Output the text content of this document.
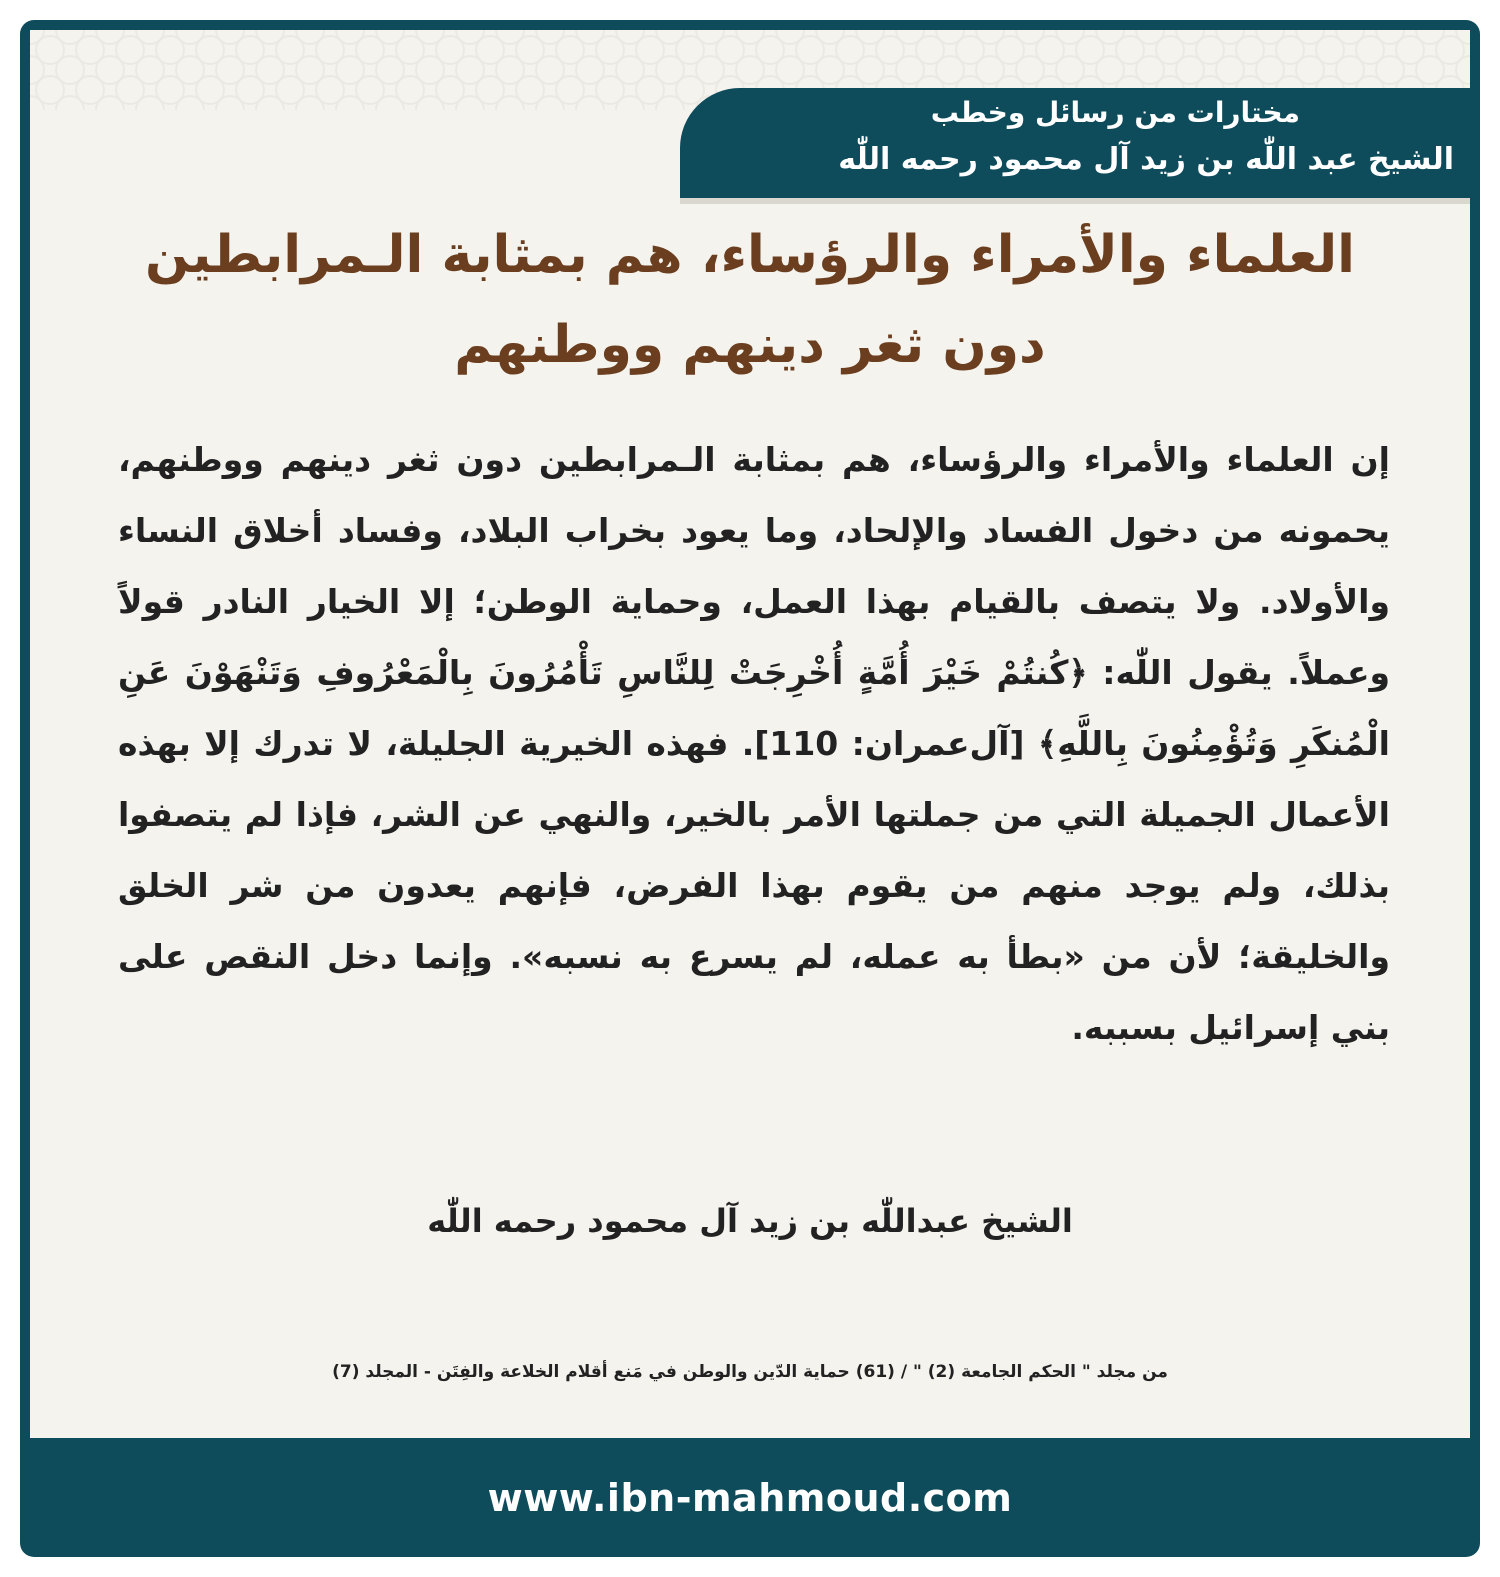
مختارات من رسائل وخطب
الشيخ عبد اللّٰه بن زيد آل محمود رحمه اللّٰه
العلماء والأمراء والرؤساء، هم بمثابة الـمرابطين
دون ثغر دينهم ووطنهم
إن العلماء والأمراء والرؤساء، هم بمثابة الـمرابطين دون ثغر دينهم ووطنهم، يحمونه من دخول الفساد والإلحاد، وما يعود بخراب البلاد، وفساد أخلاق النساء والأولاد. ولا يتصف بالقيام بهذا العمل، وحماية الوطن؛ إلا الخيار النادر قولاً وعملاً. يقول اللّٰه: ﴿كُنتُمْ خَيْرَ أُمَّةٍ أُخْرِجَتْ لِلنَّاسِ تَأْمُرُونَ بِالْمَعْرُوفِ وَتَنْهَوْنَ عَنِ الْمُنكَرِ وَتُؤْمِنُونَ بِاللَّهِ﴾ [آل‌عمران: 110]. فهذه الخيرية الجليلة، لا تدرك إلا بهذه الأعمال الجميلة التي من جملتها الأمر بالخير، والنهي عن الشر، فإذا لم يتصفوا بذلك، ولم يوجد منهم من يقوم بهذا الفرض، فإنهم يعدون من شر الخلق والخليقة؛ لأن من «بطأ به عمله، لم يسرع به نسبه». وإنما دخل النقص على بني إسرائيل بسببه.
الشيخ عبداللّٰه بن زيد آل محمود رحمه اللّٰه
من مجلد " الحكم الجامعة (2) " / (61) حماية الدّين والوطن في مَنع أقلام الخلاعة والفِتَن - المجلد (7)
www.ibn-mahmoud.com
